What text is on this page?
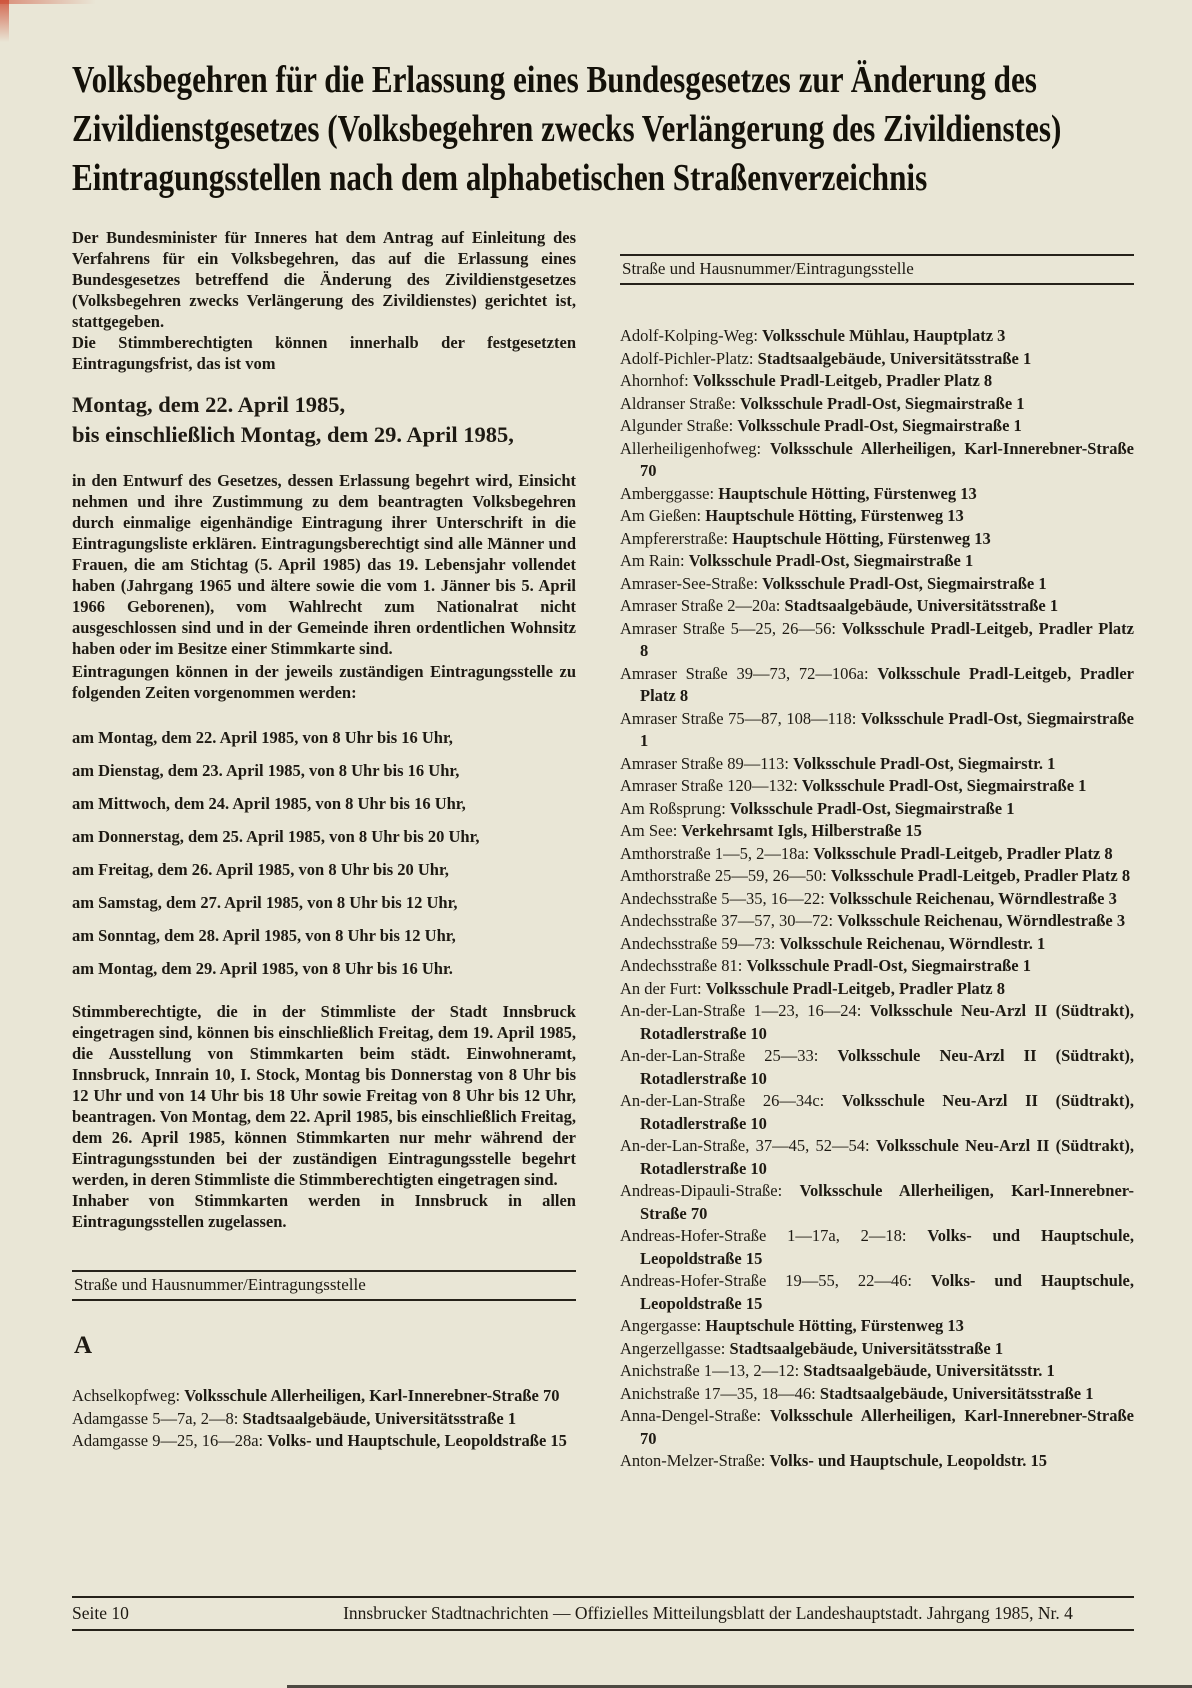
Volksbegehren für die Erlassung eines Bundesgesetzes zur Änderung des
Zivildienstgesetzes (Volksbegehren zwecks Verlängerung des Zivildienstes)
Eintragungsstellen nach dem alphabetischen Straßenverzeichnis
Der Bundesminister für Inneres hat dem Antrag auf Einleitung des Verfahrens für ein Volksbegehren, das auf die Erlassung eines Bundesgesetzes betreffend die Änderung des Zivildienstgesetzes (Volksbegehren zwecks Verlängerung des Zivildienstes) gerichtet ist, stattgegeben.
Die Stimmberechtigten können innerhalb der festgesetzten Eintragungsfrist, das ist vom
Montag, dem 22. April 1985,
bis einschließlich Montag, dem 29. April 1985,
in den Entwurf des Gesetzes, dessen Erlassung begehrt wird, Einsicht nehmen und ihre Zustimmung zu dem beantragten Volksbegehren durch einmalige eigenhändige Eintragung ihrer Unterschrift in die Eintragungsliste erklären. Eintragungsberechtigt sind alle Männer und Frauen, die am Stichtag (5. April 1985) das 19. Lebensjahr vollendet haben (Jahrgang 1965 und ältere sowie die vom 1. Jänner bis 5. April 1966 Geborenen), vom Wahlrecht zum Nationalrat nicht ausgeschlossen sind und in der Gemeinde ihren ordentlichen Wohnsitz haben oder im Besitze einer Stimmkarte sind.
Eintragungen können in der jeweils zuständigen Eintragungsstelle zu folgenden Zeiten vorgenommen werden:
am Montag, dem 22. April 1985, von 8 Uhr bis 16 Uhr,
am Dienstag, dem 23. April 1985, von 8 Uhr bis 16 Uhr,
am Mittwoch, dem 24. April 1985, von 8 Uhr bis 16 Uhr,
am Donnerstag, dem 25. April 1985, von 8 Uhr bis 20 Uhr,
am Freitag, dem 26. April 1985, von 8 Uhr bis 20 Uhr,
am Samstag, dem 27. April 1985, von 8 Uhr bis 12 Uhr,
am Sonntag, dem 28. April 1985, von 8 Uhr bis 12 Uhr,
am Montag, dem 29. April 1985, von 8 Uhr bis 16 Uhr.
Stimmberechtigte, die in der Stimmliste der Stadt Innsbruck eingetragen sind, können bis einschließlich Freitag, dem 19. April 1985, die Ausstellung von Stimmkarten beim städt. Einwohneramt, Innsbruck, Innrain 10, I. Stock, Montag bis Donnerstag von 8 Uhr bis 12 Uhr und von 14 Uhr bis 18 Uhr sowie Freitag von 8 Uhr bis 12 Uhr, beantragen. Von Montag, dem 22. April 1985, bis einschließlich Freitag, dem 26. April 1985, können Stimmkarten nur mehr während der Eintragungsstunden bei der zuständigen Eintragungsstelle begehrt werden, in deren Stimmliste die Stimmberechtigten eingetragen sind.
Inhaber von Stimmkarten werden in Innsbruck in allen Eintragungsstellen zugelassen.
Straße und Hausnummer/Eintragungsstelle
A
Achselkopfweg: Volksschule Allerheiligen, Karl-Innerebner-Straße 70
Adamgasse 5—7a, 2—8: Stadtsaalgebäude, Universitätsstraße 1
Adamgasse 9—25, 16—28a: Volks- und Hauptschule, Leopoldstraße 15
Straße und Hausnummer/Eintragungsstelle
Adolf-Kolping-Weg: Volksschule Mühlau, Hauptplatz 3
Adolf-Pichler-Platz: Stadtsaalgebäude, Universitätsstraße 1
Ahornhof: Volksschule Pradl-Leitgeb, Pradler Platz 8
Aldranser Straße: Volksschule Pradl-Ost, Siegmairstraße 1
Algunder Straße: Volksschule Pradl-Ost, Siegmairstraße 1
Allerheiligenhofweg: Volksschule Allerheiligen, Karl-Innerebner-Straße 70
Amberggasse: Hauptschule Hötting, Fürstenweg 13
Am Gießen: Hauptschule Hötting, Fürstenweg 13
Ampfererstraße: Hauptschule Hötting, Fürstenweg 13
Am Rain: Volksschule Pradl-Ost, Siegmairstraße 1
Amraser-See-Straße: Volksschule Pradl-Ost, Siegmairstraße 1
Amraser Straße 2—20a: Stadtsaalgebäude, Universitätsstraße 1
Amraser Straße 5—25, 26—56: Volksschule Pradl-Leitgeb, Pradler Platz 8
Amraser Straße 39—73, 72—106a: Volksschule Pradl-Leitgeb, Pradler Platz 8
Amraser Straße 75—87, 108—118: Volksschule Pradl-Ost, Siegmairstraße 1
Amraser Straße 89—113: Volksschule Pradl-Ost, Siegmairstr. 1
Amraser Straße 120—132: Volksschule Pradl-Ost, Siegmairstraße 1
Am Roßsprung: Volksschule Pradl-Ost, Siegmairstraße 1
Am See: Verkehrsamt Igls, Hilberstraße 15
Amthorstraße 1—5, 2—18a: Volksschule Pradl-Leitgeb, Pradler Platz 8
Amthorstraße 25—59, 26—50: Volksschule Pradl-Leitgeb, Pradler Platz 8
Andechsstraße 5—35, 16—22: Volksschule Reichenau, Wörndlestraße 3
Andechsstraße 37—57, 30—72: Volksschule Reichenau, Wörndlestraße 3
Andechsstraße 59—73: Volksschule Reichenau, Wörndlestr. 1
Andechsstraße 81: Volksschule Pradl-Ost, Siegmairstraße 1
An der Furt: Volksschule Pradl-Leitgeb, Pradler Platz 8
An-der-Lan-Straße 1—23, 16—24: Volksschule Neu-Arzl II (Südtrakt), Rotadlerstraße 10
An-der-Lan-Straße 25—33: Volksschule Neu-Arzl II (Südtrakt), Rotadlerstraße 10
An-der-Lan-Straße 26—34c: Volksschule Neu-Arzl II (Südtrakt), Rotadlerstraße 10
An-der-Lan-Straße, 37—45, 52—54: Volksschule Neu-Arzl II (Südtrakt), Rotadlerstraße 10
Andreas-Dipauli-Straße: Volksschule Allerheiligen, Karl-Innerebner-Straße 70
Andreas-Hofer-Straße 1—17a, 2—18: Volks- und Hauptschule, Leopoldstraße 15
Andreas-Hofer-Straße 19—55, 22—46: Volks- und Hauptschule, Leopoldstraße 15
Angergasse: Hauptschule Hötting, Fürstenweg 13
Angerzellgasse: Stadtsaalgebäude, Universitätsstraße 1
Anichstraße 1—13, 2—12: Stadtsaalgebäude, Universitätsstr. 1
Anichstraße 17—35, 18—46: Stadtsaalgebäude, Universitätsstraße 1
Anna-Dengel-Straße: Volksschule Allerheiligen, Karl-Innerebner-Straße 70
Anton-Melzer-Straße: Volks- und Hauptschule, Leopoldstr. 15
Seite 10	Innsbrucker Stadtnachrichten — Offizielles Mitteilungsblatt der Landeshauptstadt. Jahrgang 1985, Nr. 4
